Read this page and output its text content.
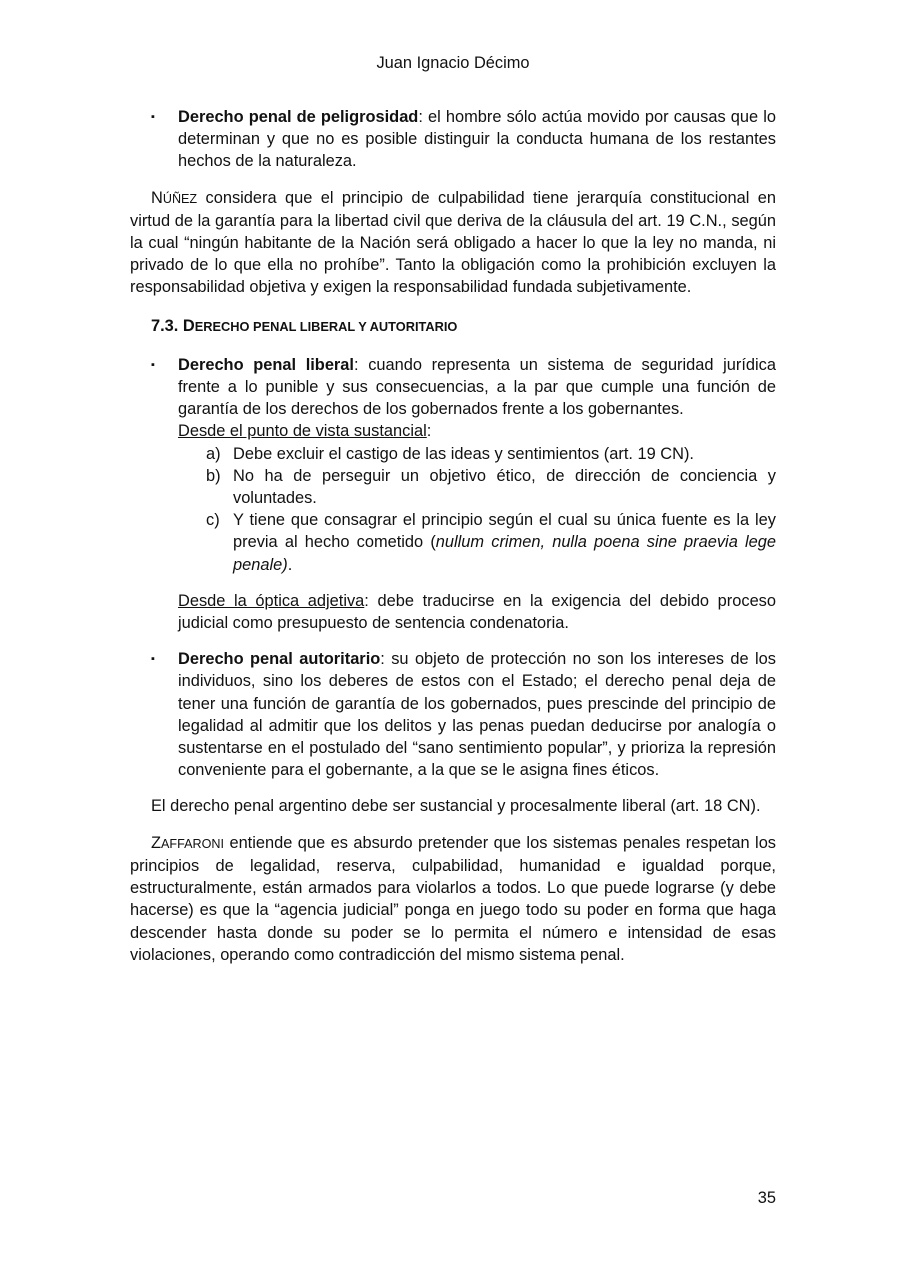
Juan Ignacio Décimo
▪ Derecho penal de peligrosidad: el hombre sólo actúa movido por causas que lo determinan y que no es posible distinguir la conducta humana de los restantes hechos de la naturaleza.

NÚÑEZ considera que el principio de culpabilidad tiene jerarquía constitucional en virtud de la garantía para la libertad civil que deriva de la cláusula del art. 19 C.N., según la cual “ningún habitante de la Nación será obligado a hacer lo que la ley no manda, ni privado de lo que ella no prohíbe”. Tanto la obligación como la prohibición excluyen la responsabilidad objetiva y exigen la responsabilidad fundada subjetivamente.

7.3. DERECHO PENAL LIBERAL Y AUTORITARIO

▪ Derecho penal liberal: cuando representa un sistema de seguridad jurídica frente a lo punible y sus consecuencias, a la par que cumple una función de garantía de los derechos de los gobernados frente a los gobernantes.

Desde el punto de vista sustancial:

a) Debe excluir el castigo de las ideas y sentimientos (art. 19 CN).
b) No ha de perseguir un objetivo ético, de dirección de conciencia y voluntades.
c) Y tiene que consagrar el principio según el cual su única fuente es la ley previa al hecho cometido (nullum crimen, nulla poena sine praevia lege penale).

Desde la óptica adjetiva: debe traducirse en la exigencia del debido proceso judicial como presupuesto de sentencia condenatoria.

▪ Derecho penal autoritario: su objeto de protección no son los intereses de los individuos, sino los deberes de estos con el Estado; el derecho penal deja de tener una función de garantía de los gobernados, pues prescinde del principio de legalidad al admitir que los delitos y las penas puedan deducirse por analogía o sustentarse en el postulado del “sano sentimiento popular”, y prioriza la represión conveniente para el gobernante, a la que se le asigna fines éticos.

El derecho penal argentino debe ser sustancial y procesalmente liberal (art. 18 CN).

ZAFFARONI entiende que es absurdo pretender que los sistemas penales respetan los principios de legalidad, reserva, culpabilidad, humanidad e igualdad porque, estructuralmente, están armados para violarlos a todos. Lo que puede lograrse (y debe hacerse) es que la “agencia judicial” ponga en juego todo su poder en forma que haga descender hasta donde su poder se lo permita el número e intensidad de esas violaciones, operando como contradicción del mismo sistema penal.

35
